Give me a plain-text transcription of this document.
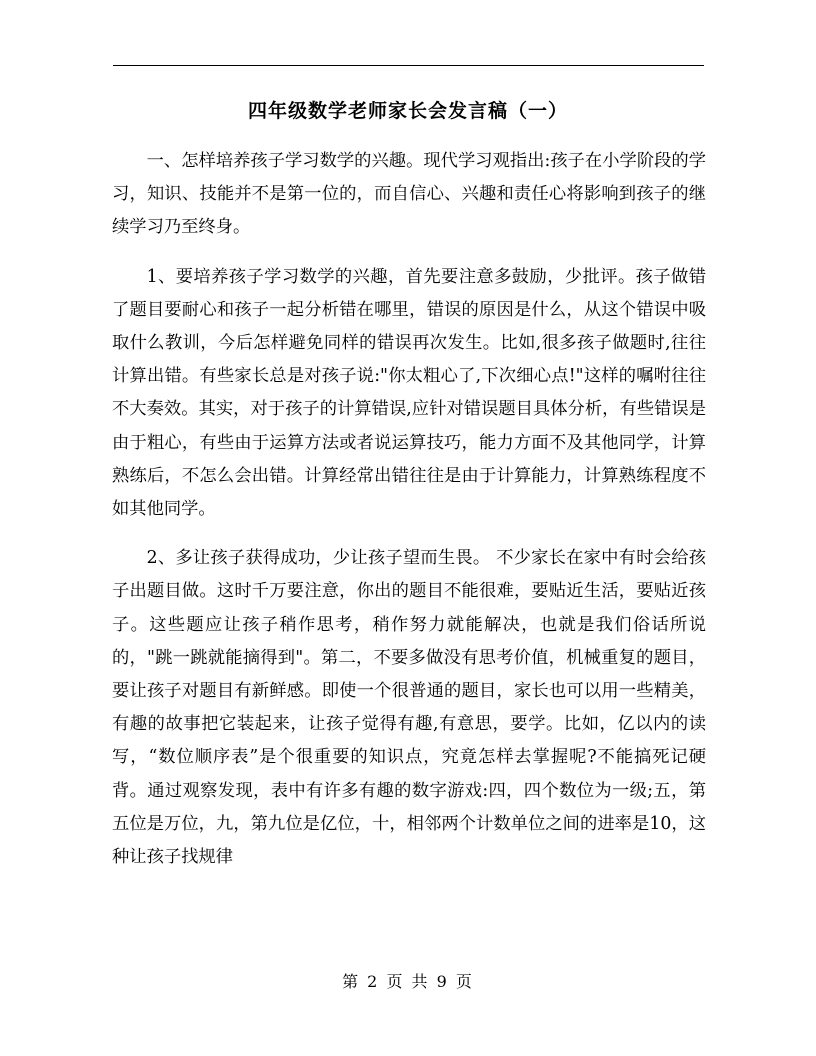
四年级数学老师家长会发言稿（一）

一、怎样培养孩子学习数学的兴趣。现代学习观指出:孩子在小学阶段的学习，知识、技能并不是第一位的，而自信心、兴趣和责任心将影响到孩子的继续学习乃至终身。

1、要培养孩子学习数学的兴趣，首先要注意多鼓励，少批评。孩子做错了题目要耐心和孩子一起分析错在哪里，错误的原因是什么，从这个错误中吸取什么教训，今后怎样避免同样的错误再次发生。比如,很多孩子做题时,往往计算出错。有些家长总是对孩子说:"你太粗心了,下次细心点!"这样的嘱咐往往不大奏效。其实，对于孩子的计算错误,应针对错误题目具体分析，有些错误是由于粗心，有些由于运算方法或者说运算技巧，能力方面不及其他同学，计算熟练后，不怎么会出错。计算经常出错往往是由于计算能力，计算熟练程度不如其他同学。

2、多让孩子获得成功，少让孩子望而生畏。 不少家长在家中有时会给孩子出题目做。这时千万要注意，你出的题目不能很难，要贴近生活，要贴近孩子。这些题应让孩子稍作思考，稍作努力就能解决，也就是我们俗话所说的，"跳一跳就能摘得到"。第二，不要多做没有思考价值，机械重复的题目，要让孩子对题目有新鲜感。即使一个很普通的题目，家长也可以用一些精美，有趣的故事把它装起来，让孩子觉得有趣,有意思，要学。比如，亿以内的读写，“数位顺序表”是个很重要的知识点，究竟怎样去掌握呢?不能搞死记硬背。通过观察发现，表中有许多有趣的数字游戏:四，四个数位为一级;五，第五位是万位，九，第九位是亿位，十，相邻两个计数单位之间的进率是10，这种让孩子找规律

第 2 页 共 9 页
